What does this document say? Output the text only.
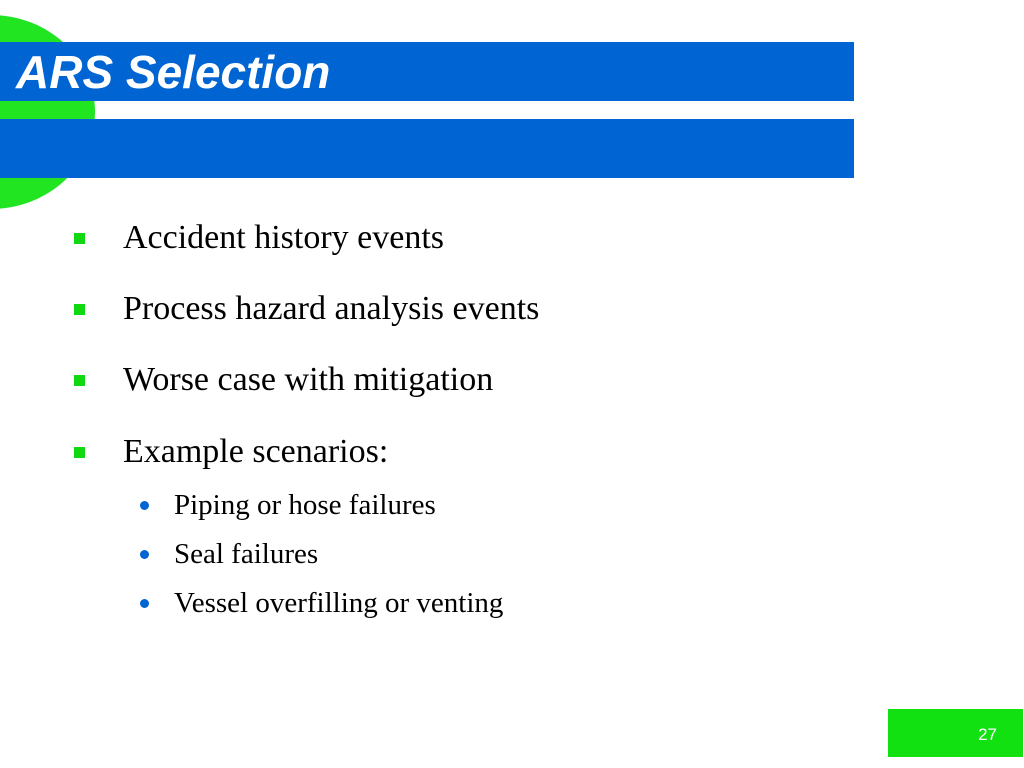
ARS Selection
Accident history events
Process hazard analysis events
Worse case with mitigation
Example scenarios:
Piping or hose failures
Seal failures
Vessel overfilling or venting
27
